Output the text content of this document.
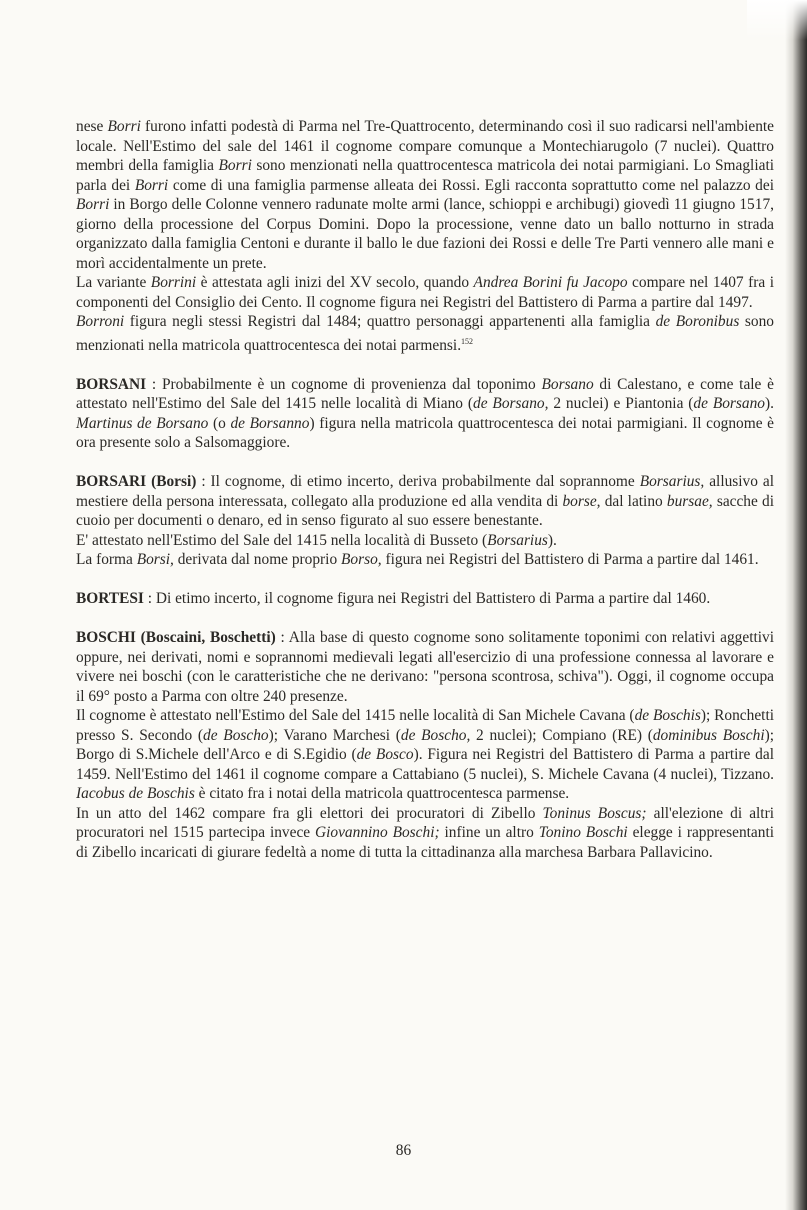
nese Borri furono infatti podestà di Parma nel Tre-Quattrocento, determinando così il suo radicarsi nell'ambiente locale. Nell'Estimo del sale del 1461 il cognome compare comunque a Montechiarugolo (7 nuclei). Quattro membri della famiglia Borri sono menzionati nella quattrocentesca matricola dei notai parmigiani. Lo Smagliati parla dei Borri come di una famiglia parmense alleata dei Rossi. Egli racconta soprattutto come nel palazzo dei Borri in Borgo delle Colonne vennero radunate molte armi (lance, schioppi e archibugi) giovedì 11 giugno 1517, giorno della processione del Corpus Domini. Dopo la processione, venne dato un ballo notturno in strada organizzato dalla famiglia Centoni e durante il ballo le due fazioni dei Rossi e delle Tre Parti vennero alle mani e morì accidentalmente un prete.

La variante Borrini è attestata agli inizi del XV secolo, quando Andrea Borini fu Jacopo compare nel 1407 fra i componenti del Consiglio dei Cento. Il cognome figura nei Registri del Battistero di Parma a partire dal 1497.

Borroni figura negli stessi Registri dal 1484; quattro personaggi appartenenti alla famiglia de Boronibus sono menzionati nella matricola quattrocentesca dei notai parmensi.$^{152}$

BORSANI : Probabilmente è un cognome di provenienza dal toponimo Borsano di Calestano, e come tale è attestato nell'Estimo del Sale del 1415 nelle località di Miano (de Borsano, 2 nuclei) e Piantonia (de Borsano). Martinus de Borsano (o de Borsanno) figura nella matricola quattrocentesca dei notai parmigiani. Il cognome è ora presente solo a Salsomaggiore.

BORSARI (Borsi) : Il cognome, di etimo incerto, deriva probabilmente dal soprannome Borsarius, allusivo al mestiere della persona interessata, collegato alla produzione ed alla vendita di borse, dal latino bursae, sacche di cuoio per documenti o denaro, ed in senso figurato al suo essere benestante.

E' attestato nell'Estimo del Sale del 1415 nella località di Busseto (Borsarius).

La forma Borsi, derivata dal nome proprio Borso, figura nei Registri del Battistero di Parma a partire dal 1461.

BORTESI : Di etimo incerto, il cognome figura nei Registri del Battistero di Parma a partire dal 1460.

BOSCHI (Boscaini, Boschetti) : Alla base di questo cognome sono solitamente toponimi con relativi aggettivi oppure, nei derivati, nomi e soprannomi medievali legati all'esercizio di una professione connessa al lavorare e vivere nei boschi (con le caratteristiche che ne derivano: "persona scontrosa, schiva"). Oggi, il cognome occupa il 69° posto a Parma con oltre 240 presenze.

Il cognome è attestato nell'Estimo del Sale del 1415 nelle località di San Michele Cavana (de Boschis); Ronchetti presso S. Secondo (de Boscho); Varano Marchesi (de Boscho, 2 nuclei); Compiano (RE) (dominibus Boschi); Borgo di S.Michele dell'Arco e di S.Egidio (de Bosco). Figura nei Registri del Battistero di Parma a partire dal 1459. Nell'Estimo del 1461 il cognome compare a Cattabiano (5 nuclei), S. Michele Cavana (4 nuclei), Tizzano. Iacobus de Boschis è citato fra i notai della matricola quattrocentesca parmense.

In un atto del 1462 compare fra gli elettori dei procuratori di Zibello Toninus Boscus; all'elezione di altri procuratori nel 1515 partecipa invece Giovannino Boschi; infine un altro Tonino Boschi elegge i rappresentanti di Zibello incaricati di giurare fedeltà a nome di tutta la cittadinanza alla marchesa Barbara Pallavicino.

86
